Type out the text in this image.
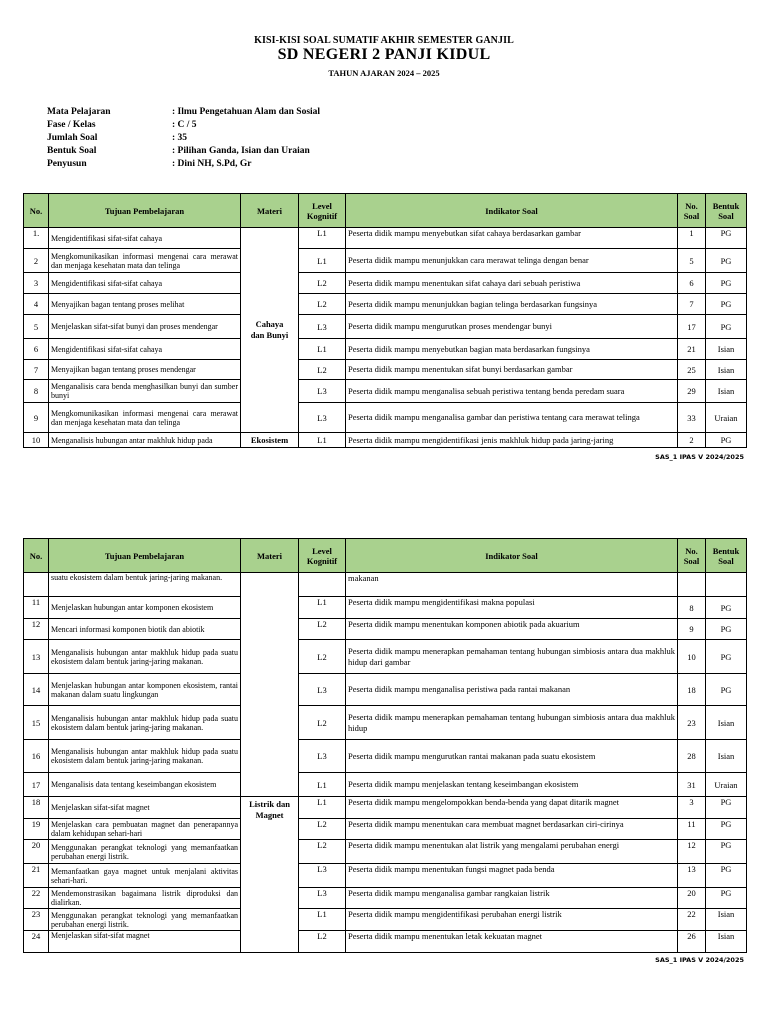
KISI-KISI SOAL SUMATIF AKHIR SEMESTER GANJIL
SD NEGERI 2 PANJI KIDUL
TAHUN AJARAN 2024 – 2025
Mata Pelajaran	: Ilmu Pengetahuan Alam dan Sosial
Fase / Kelas	: C / 5
Jumlah Soal	: 35
Bentuk Soal	: Pilihan Ganda, Isian dan Uraian
Penyusun	: Dini NH, S.Pd, Gr
No.	Tujuan Pembelajaran	Materi	Level
Kognitif	Indikator Soal	No.
Soal	Bentuk
Soal
1.	Mengidentifikasi sifat-sifat cahaya	Cahaya
dan Bunyi	L1	Peserta didik mampu menyebutkan sifat cahaya berdasarkan gambar	1	PG
2	Mengkomunikasikan informasi mengenai cara merawat dan menjaga kesehatan mata dan telinga		L1	Peserta didik mampu menunjukkan cara merawat telinga dengan benar	5	PG
3	Mengidentifikasi sifat-sifat cahaya		L2	Peserta didik mampu menentukan sifat cahaya dari sebuah peristiwa	6	PG
4	Menyajikan bagan tentang proses melihat		L2	Peserta didik mampu menunjukkan bagian telinga berdasarkan fungsinya	7	PG
5	Menjelaskan sifat-sifat bunyi dan proses mendengar		L3	Peserta didik mampu mengurutkan proses mendengar bunyi	17	PG
6	Mengidentifikasi sifat-sifat cahaya		L1	Peserta didik mampu menyebutkan bagian mata berdasarkan fungsinya	21	Isian
7	Menyajikan bagan tentang proses mendengar		L2	Peserta didik mampu menentukan sifat bunyi berdasarkan gambar	25	Isian
8	Menganalisis cara benda menghasilkan bunyi dan sumber bunyi		L3	Peserta didik mampu menganalisa sebuah peristiwa tentang benda peredam suara	29	Isian
9	Mengkomunikasikan informasi mengenai cara merawat dan menjaga kesehatan mata dan telinga		L3	Peserta didik mampu menganalisa gambar dan peristiwa tentang cara merawat telinga	33	Uraian
10	Menganalisis hubungan antar makhluk hidup pada	Ekosistem	L1	Peserta didik mampu mengidentifikasi jenis makhluk hidup pada jaring-jaring	2	PG
SAS_1 IPAS V 2024/2025
No.	Tujuan Pembelajaran	Materi	Level
Kognitif	Indikator Soal	No.
Soal	Bentuk
Soal
	suatu ekosistem dalam bentuk jaring-jaring makanan.			makanan		
11	Menjelaskan hubungan antar komponen ekosistem		L1	Peserta didik mampu mengidentifikasi makna populasi	8	PG
12	Mencari informasi komponen biotik dan abiotik		L2	Peserta didik mampu menentukan komponen abiotik pada akuarium	9	PG
13	Menganalisis hubungan antar makhluk hidup pada suatu ekosistem dalam bentuk jaring-jaring makanan.		L2	Peserta didik mampu menerapkan pemahaman tentang hubungan simbiosis antara dua makhluk hidup dari gambar	10	PG
14	Menjelaskan hubungan antar komponen ekosistem, rantai makanan dalam suatu lingkungan		L3	Peserta didik mampu menganalisa peristiwa pada rantai makanan	18	PG
15	Menganalisis hubungan antar makhluk hidup pada suatu ekosistem dalam bentuk jaring-jaring makanan.		L2	Peserta didik mampu menerapkan pemahaman tentang hubungan simbiosis antara dua makhluk hidup	23	Isian
16	Menganalisis hubungan antar makhluk hidup pada suatu ekosistem dalam bentuk jaring-jaring makanan.		L3	Peserta didik mampu mengurutkan rantai makanan pada suatu ekosistem	28	Isian
17	Menganalisis data tentang keseimbangan ekosistem		L1	Peserta didik mampu menjelaskan tentang keseimbangan ekosistem	31	Uraian
18	Menjelaskan sifat-sifat magnet	Listrik dan
Magnet	L1	Peserta didik mampu mengelompokkan benda-benda yang dapat ditarik magnet	3	PG
19	Menjelaskan cara pembuatan magnet dan penerapannya dalam kehidupan sehari-hari		L2	Peserta didik mampu menentukan cara membuat magnet berdasarkan ciri-cirinya	11	PG
20	Menggunakan perangkat teknologi yang memanfaatkan perubahan energi listrik.		L2	Peserta didik mampu menentukan alat listrik yang mengalami perubahan energi	12	PG
21	Memanfaatkan gaya magnet untuk menjalani aktivitas sehari-hari.		L3	Peserta didik mampu menentukan fungsi magnet pada benda	13	PG
22	Mendemonstrasikan bagaimana listrik diproduksi dan dialirkan.		L3	Peserta didik mampu menganalisa gambar rangkaian listrik	20	PG
23	Menggunakan perangkat teknologi yang memanfaatkan perubahan energi listrik.		L1	Peserta didik mampu mengidentifikasi perubahan energi listrik	22	Isian
24	Menjelaskan sifat-sifat magnet		L2	Peserta didik mampu menentukan letak kekuatan magnet	26	Isian
SAS_1 IPAS V 2024/2025
